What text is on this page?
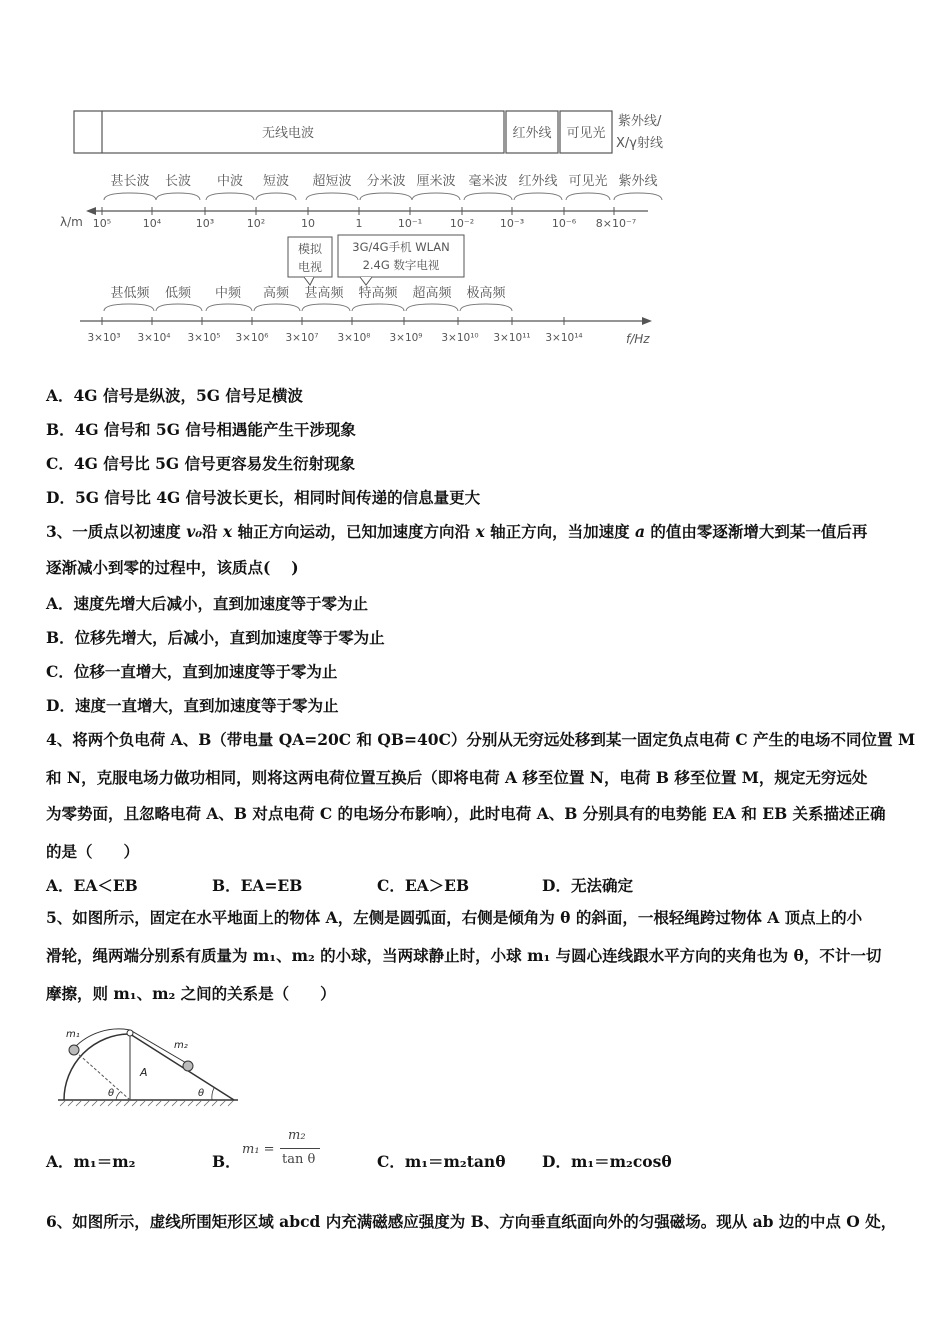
无线电波	红外线 可见光
紫外线/
X/γ射线
甚长波 长波 中波 短波 超短波 分米波 厘米波 毫米波 红外线 可见光 紫外线
λ/m 10⁵	10⁴	10³	10²	10	1	10⁻¹	10⁻² 10⁻³	10⁻⁶ 8×10⁻⁷
模拟
电视
3G/4G手机 WLAN
2.4G 数字电视
甚低频 低频 中频 高频 甚高频 特高频 超高频 极高频
3×10³ 3×10⁴ 3×10⁵ 3×10⁶ 3×10⁷ 3×10⁸ 3×10⁹ 3×10¹⁰ 3×10¹¹ 3×10¹⁴	f/Hz
A．4G 信号是纵波，5G 信号足横波
B．4G 信号和 5G 信号相遇能产生干涉现象
C．4G 信号比 5G 信号更容易发生衍射现象
D．5G 信号比 4G 信号波长更长，相同时间传递的信息量更大
3、一质点以初速度 v₀沿 x 轴正方向运动，已知加速度方向沿 x 轴正方向，当加速度 a 的值由零逐渐增大到某一值后再
逐渐减小到零的过程中，该质点(　 )
A．速度先增大后减小，直到加速度等于零为止
B．位移先增大，后减小，直到加速度等于零为止
C．位移一直增大，直到加速度等于零为止
D．速度一直增大，直到加速度等于零为止
4、将两个负电荷 A、B（带电量 QA=20C 和 QB=40C）分别从无穷远处移到某一固定负点电荷 C 产生的电场不同位置 M
和 N，克服电场力做功相同，则将这两电荷位置互换后（即将电荷 A 移至位置 N，电荷 B 移至位置 M，规定无穷远处
为零势面，且忽略电荷 A、B 对点电荷 C 的电场分布影响），此时电荷 A、B 分别具有的电势能 EA 和 EB 关系描述正确
的是（　　）
A．EA＜EB	B．EA=EB	C．EA＞EB	D．无法确定
5、如图所示，固定在水平地面上的物体 A，左侧是圆弧面，右侧是倾角为 θ 的斜面，一根轻绳跨过物体 A 顶点上的小
滑轮，绳两端分别系有质量为 m₁、m₂ 的小球，当两球静止时，小球 m₁ 与圆心连线跟水平方向的夹角也为 θ，不计一切
摩擦，则 m₁、m₂ 之间的关系是（　　）
m₁
m₂
A
θ	θ
A．m₁＝m₂	B．
m₁ =
m₂
tan θ	C．m₁＝m₂tanθ D．m₁＝m₂cosθ
6、如图所示，虚线所围矩形区域 abcd 内充满磁感应强度为 B、方向垂直纸面向外的匀强磁场。现从 ab 边的中点 O 处，
